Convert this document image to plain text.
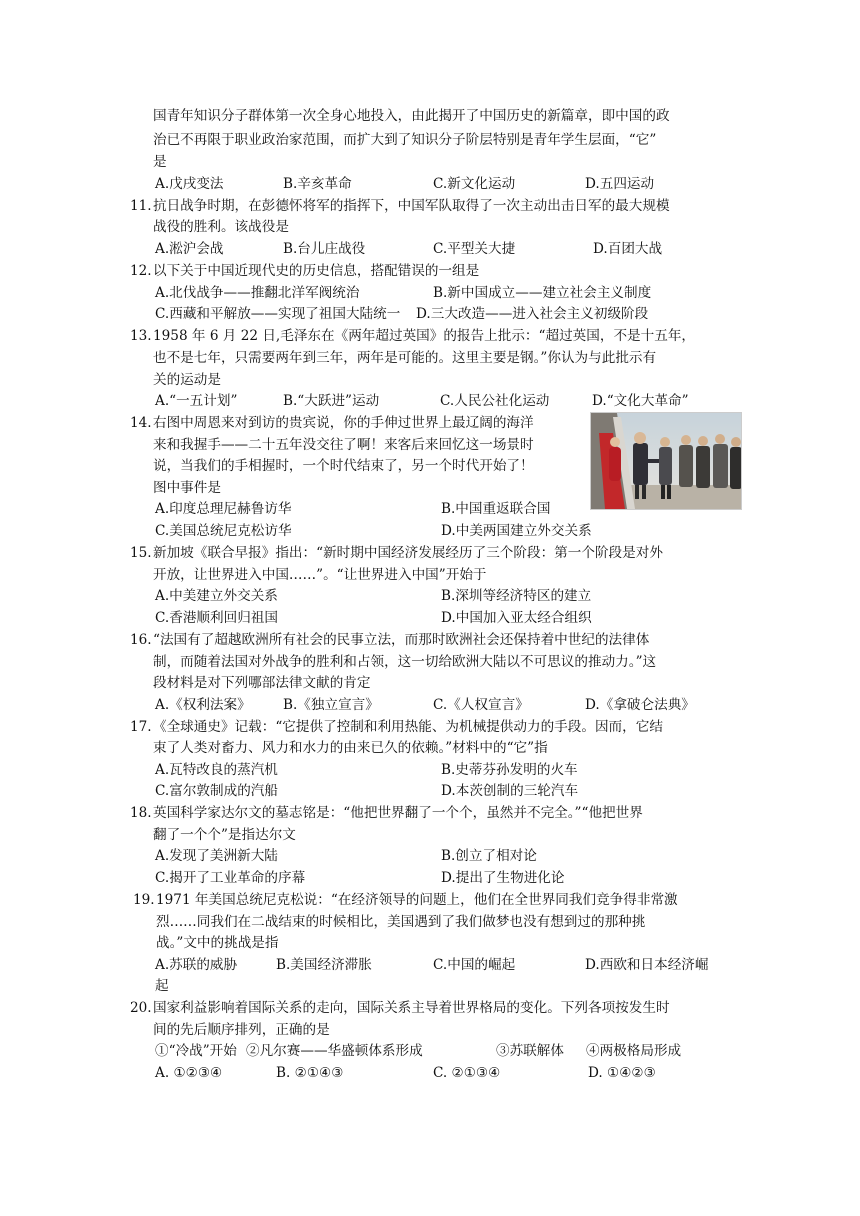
国青年知识分子群体第一次全身心地投入，由此揭开了中国历史的新篇章，即中国的政
治已不再限于职业政治家范围，而扩大到了知识分子阶层特别是青年学生层面，“它”
是
A.戊戌变法	B.辛亥革命	C.新文化运动	D.五四运动
11. 抗日战争时期，在彭德怀将军的指挥下，中国军队取得了一次主动出击日军的最大规模
战役的胜利。该战役是
A.淞沪会战	B.台儿庄战役	C.平型关大捷	D.百团大战
12. 以下关于中国近现代史的历史信息，搭配错误的一组是
A.北伐战争——推翻北洋军阀统治	B.新中国成立——建立社会主义制度
C.西藏和平解放——实现了祖国大陆统一 D.三大改造——进入社会主义初级阶段
13. 1958 年 6 月 22 日,毛泽东在《两年超过英国》的报告上批示：“超过英国，不是十五年，
也不是七年，只需要两年到三年，两年是可能的。这里主要是钢。”你认为与此批示有
关的运动是
A.“一五计划”	B.“大跃进”运动	C.人民公社化运动	D.“文化大革命”
14. 右图中周恩来对到访的贵宾说，你的手伸过世界上最辽阔的海洋
来和我握手——二十五年没交往了啊！来客后来回忆这一场景时
说，当我们的手相握时，一个时代结束了，另一个时代开始了！
图中事件是
A.印度总理尼赫鲁访华	B.中国重返联合国
C.美国总统尼克松访华	D.中美两国建立外交关系
15. 新加坡《联合早报》指出：“新时期中国经济发展经历了三个阶段：第一个阶段是对外
开放，让世界进入中国……”。“让世界进入中国”开始于
A.中美建立外交关系	B.深圳等经济特区的建立
C.香港顺利回归祖国	D.中国加入亚太经合组织
16. “法国有了超越欧洲所有社会的民事立法，而那时欧洲社会还保持着中世纪的法律体
制，而随着法国对外战争的胜利和占领，这一切给欧洲大陆以不可思议的推动力。”这
段材料是对下列哪部法律文献的肯定
A.《权利法案》 B.《独立宣言》	C.《人权宣言》	D.《拿破仑法典》
17. 《全球通史》记载：“它提供了控制和利用热能、为机械提供动力的手段。因而，它结
束了人类对畜力、风力和水力的由来已久的依赖。”材料中的“它”指
A.瓦特改良的蒸汽机	B.史蒂芬孙发明的火车
C.富尔敦制成的汽船	D.本茨创制的三轮汽车
18. 英国科学家达尔文的墓志铭是：“他把世界翻了一个个，虽然并不完全。”“他把世界
翻了一个个”是指达尔文
A.发现了美洲新大陆	B.创立了相对论
C.揭开了工业革命的序幕	D.提出了生物进化论
19. 1971 年美国总统尼克松说：“在经济领导的问题上，他们在全世界同我们竞争得非常激
烈……同我们在二战结束的时候相比，美国遇到了我们做梦也没有想到过的那种挑
战。”文中的挑战是指
A.苏联的威胁	B.美国经济滞胀	C.中国的崛起	D.西欧和日本经济崛
起
20. 国家利益影响着国际关系的走向，国际关系主导着世界格局的变化。下列各项按发生时
间的先后顺序排列，正确的是
①“冷战”开始 ②凡尔赛——华盛顿体系形成	③苏联解体 ④两极格局形成
A. ①②③④	B. ②①④③	C. ②①③④	D. ①④②③
